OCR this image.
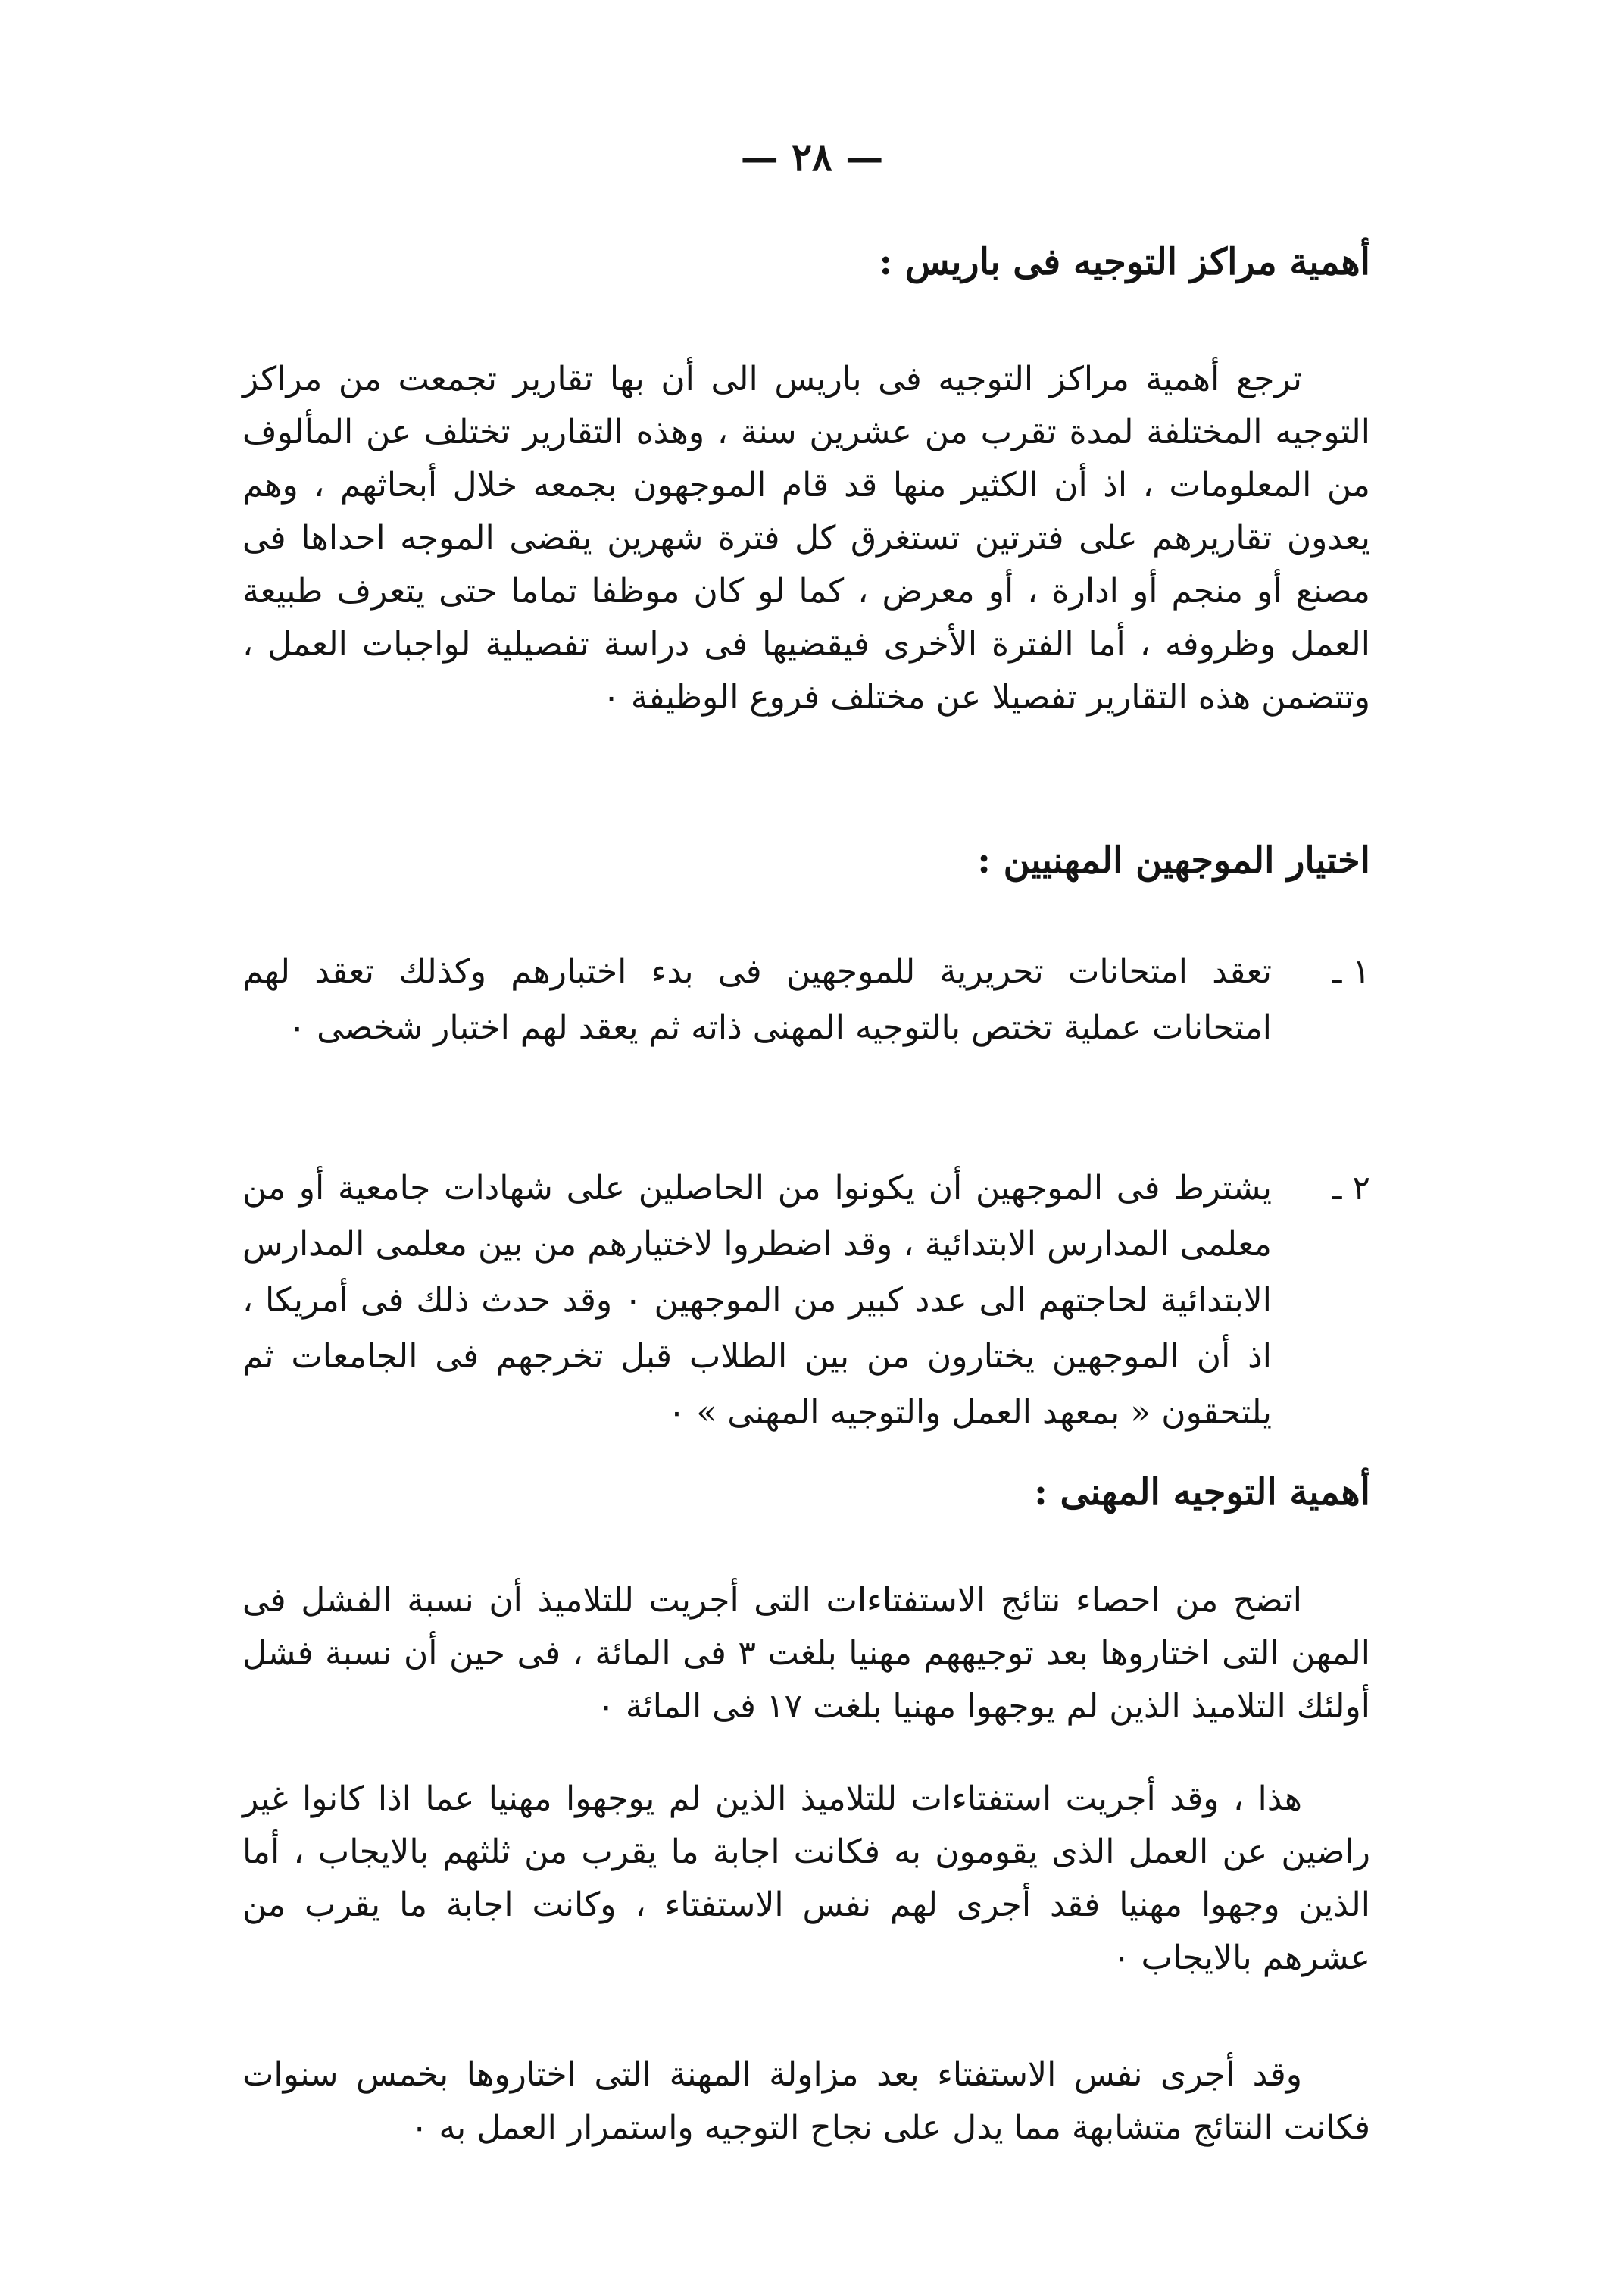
— ٢٨ —
أهمية مراكز التوجيه فى باريس :
ترجع أهمية مراكز التوجيه فى باريس الى أن بها تقارير تجمعت من مراكز التوجيه المختلفة لمدة تقرب من عشرين سنة ، وهذه التقارير تختلف عن المألوف من المعلومات ، اذ أن الكثير منها قد قام الموجهون بجمعه خلال أبحاثهم ، وهم يعدون تقاريرهم على فترتين تستغرق كل فترة شهرين يقضى الموجه احداها فى مصنع أو منجم أو ادارة ، أو معرض ، كما لو كان موظفا تماما حتى يتعرف طبيعة العمل وظروفه ، أما الفترة الأخرى فيقضيها فى دراسة تفصيلية لواجبات العمل ، وتتضمن هذه التقارير تفصيلا عن مختلف فروع الوظيفة ٠
اختيار الموجهين المهنيين :
١ ـ
تعقد امتحانات تحريرية للموجهين فى بدء اختبارهم وكذلك تعقد لهم امتحانات عملية تختص بالتوجيه المهنى ذاته ثم يعقد لهم اختبار شخصى ٠
٢ ـ
يشترط فى الموجهين أن يكونوا من الحاصلين على شهادات جامعية أو من معلمى المدارس الابتدائية ، وقد اضطروا لاختيارهم من بين معلمى المدارس الابتدائية لحاجتهم الى عدد كبير من الموجهين ٠ وقد حدث ذلك فى أمريكا ، اذ أن الموجهين يختارون من بين الطلاب قبل تخرجهم فى الجامعات ثم يلتحقون « بمعهد العمل والتوجيه المهنى » ٠
أهمية التوجيه المهنى :
اتضح من احصاء نتائج الاستفتاءات التى أجريت للتلاميذ أن نسبة الفشل فى المهن التى اختاروها بعد توجيههم مهنيا بلغت ٣ فى المائة ، فى حين أن نسبة فشل أولئك التلاميذ الذين لم يوجهوا مهنيا بلغت ١٧ فى المائة ٠
هذا ، وقد أجريت استفتاءات للتلاميذ الذين لم يوجهوا مهنيا عما اذا كانوا غير راضين عن العمل الذى يقومون به فكانت اجابة ما يقرب من ثلثهم بالايجاب ، أما الذين وجهوا مهنيا فقد أجرى لهم نفس الاستفتاء ، وكانت اجابة ما يقرب من عشرهم بالايجاب ٠
وقد أجرى نفس الاستفتاء بعد مزاولة المهنة التى اختاروها بخمس سنوات فكانت النتائج متشابهة مما يدل على نجاح التوجيه واستمرار العمل به ٠
